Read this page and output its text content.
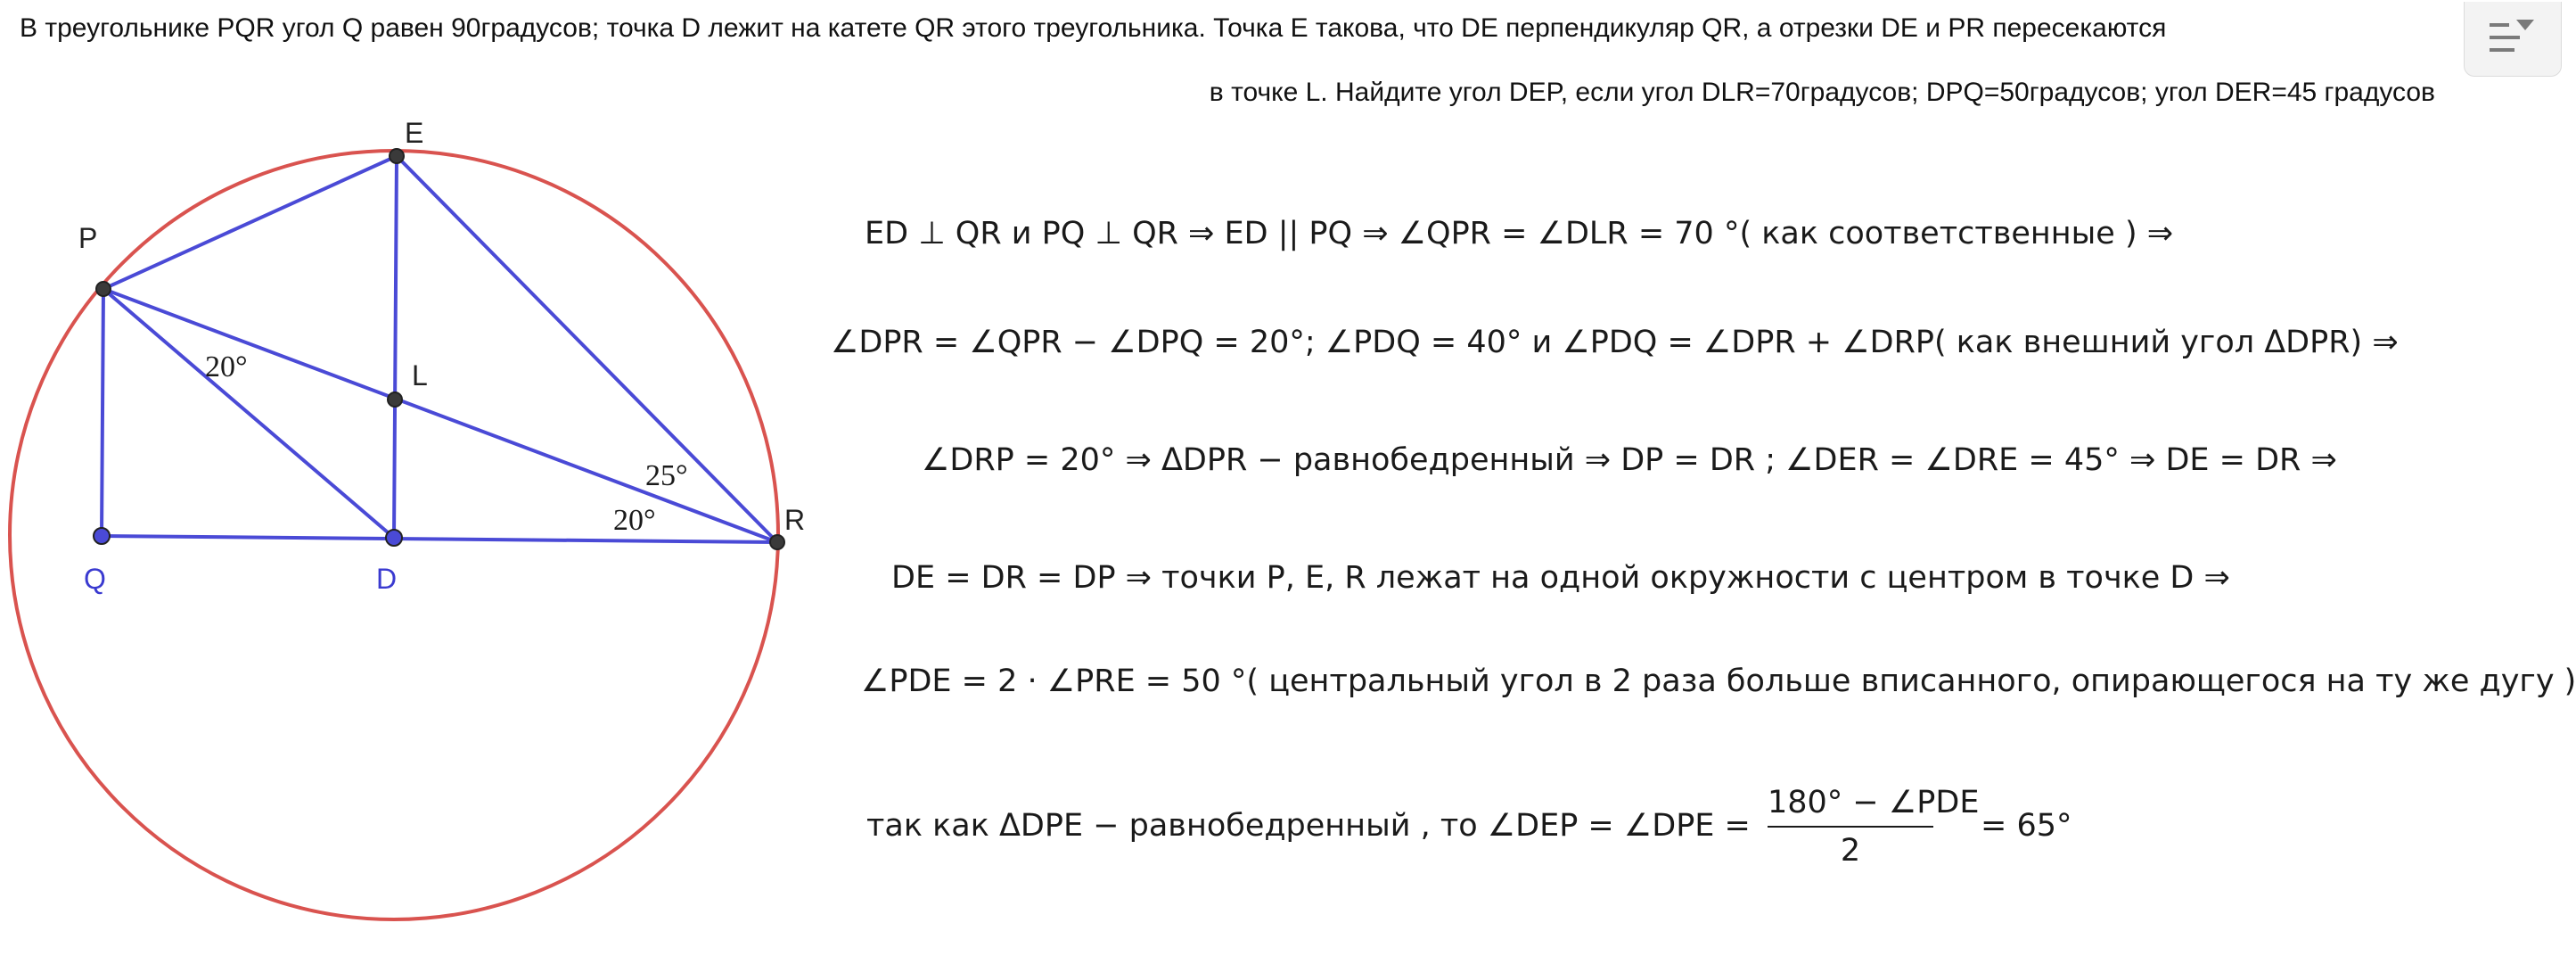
В треугольнике PQR угол Q равен 90градусов; точка D лежит на катете QR этого треугольника. Точка E такова, что DE перпендикуляр QR, а отрезки DE и PR пересекаются

в точке L. Найдите угол DEP, если угол DLR=70градусов; DPQ=50градусов; угол DER=45 градусов

P
E
L
R
Q	D
20°
25°
20°
ED ⊥ QR и PQ ⊥ QR ⇒ ED || PQ ⇒ ∠QPR = ∠DLR = 70 °( как соответственные ) ⇒
∠DPR = ∠QPR − ∠DPQ = 20°; ∠PDQ = 40° и ∠PDQ = ∠DPR + ∠DRP( как внешний угол ΔDPR) ⇒
∠DRP = 20° ⇒ ΔDPR − равнобедренный ⇒ DP = DR ; ∠DER = ∠DRE = 45° ⇒ DE = DR ⇒
DE = DR = DP ⇒ точки P, E, R лежат на одной окружности с центром в точке D ⇒
∠PDE = 2 · ∠PRE = 50 °( центральный угол в 2 раза больше вписанного, опирающегося на ту же дугу )
так как ΔDPE − равнобедренный , то ∠DEP = ∠DPE =
180° − ∠PDE
2
= 65°
